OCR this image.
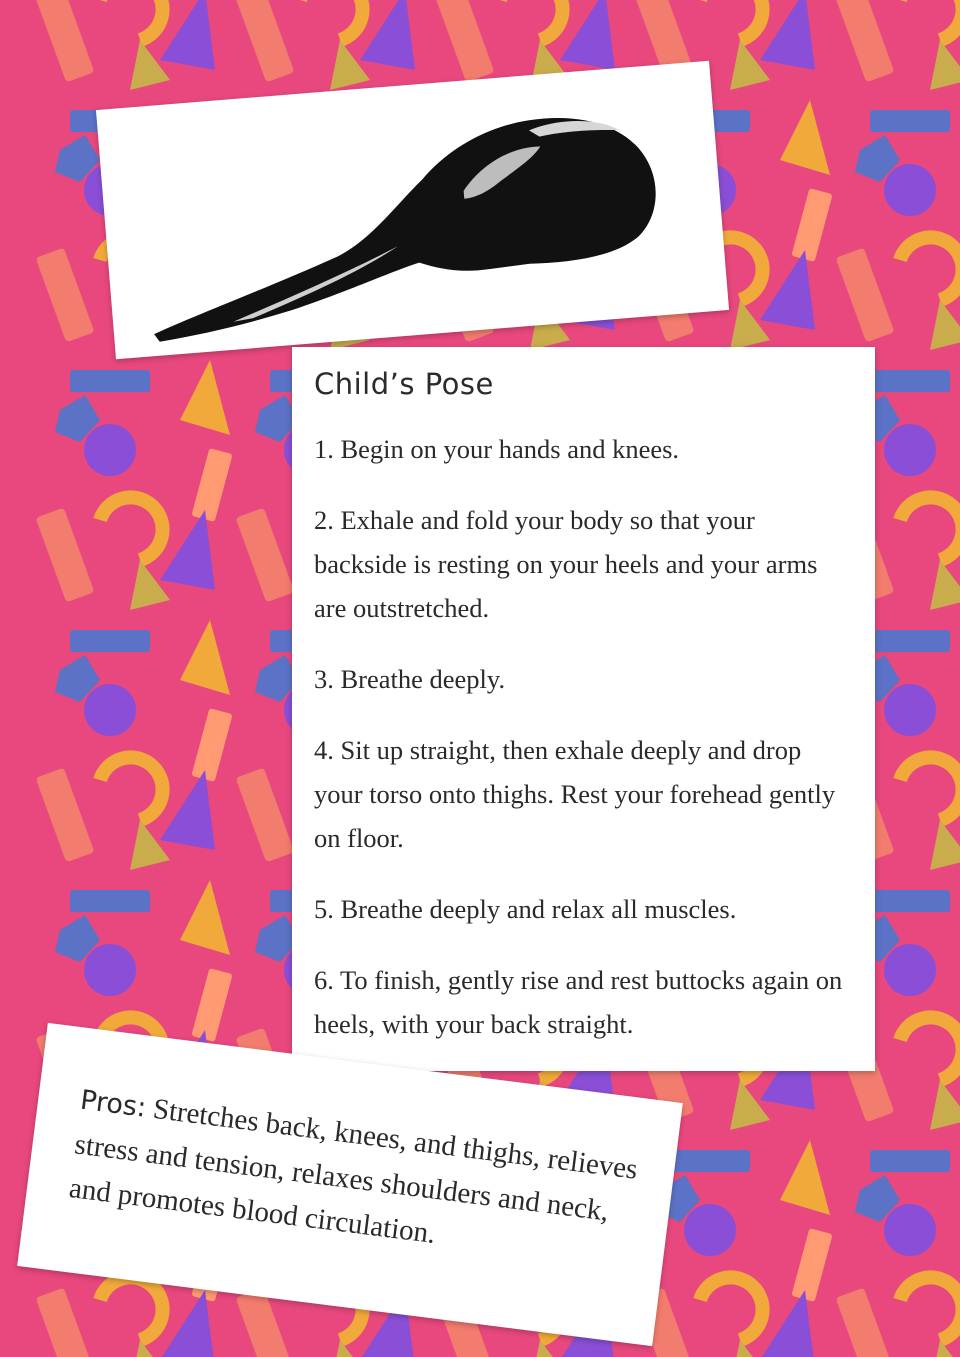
Child’s Pose

1. Begin on your hands and knees. 

2. Exhale and fold your body so that your backside is resting on your heels and your arms are outstretched.

3. Breathe deeply.

4. Sit up straight, then exhale deeply and drop your torso onto thighs. Rest your forehead gently on floor.

5. Breathe deeply and relax all muscles.

6. To finish, gently rise and rest buttocks again on heels, with your back straight.

Pros: Stretches back, knees, and thighs, relieves stress and tension, relaxes shoulders and neck, and promotes blood circulation.
